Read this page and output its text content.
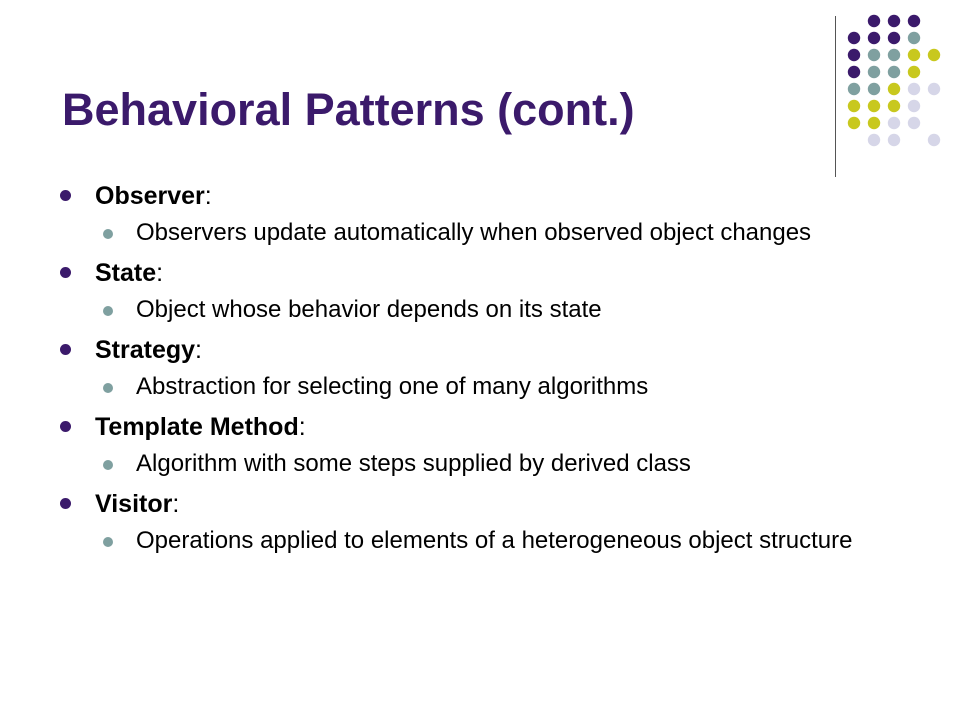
Behavioral Patterns (cont.)
Observer:
Observers update automatically when observed object changes
State:
Object whose behavior depends on its state
Strategy:
Abstraction for selecting one of many algorithms
Template Method:
Algorithm with some steps supplied by derived class
Visitor:
Operations applied to elements of a heterogeneous object structure
